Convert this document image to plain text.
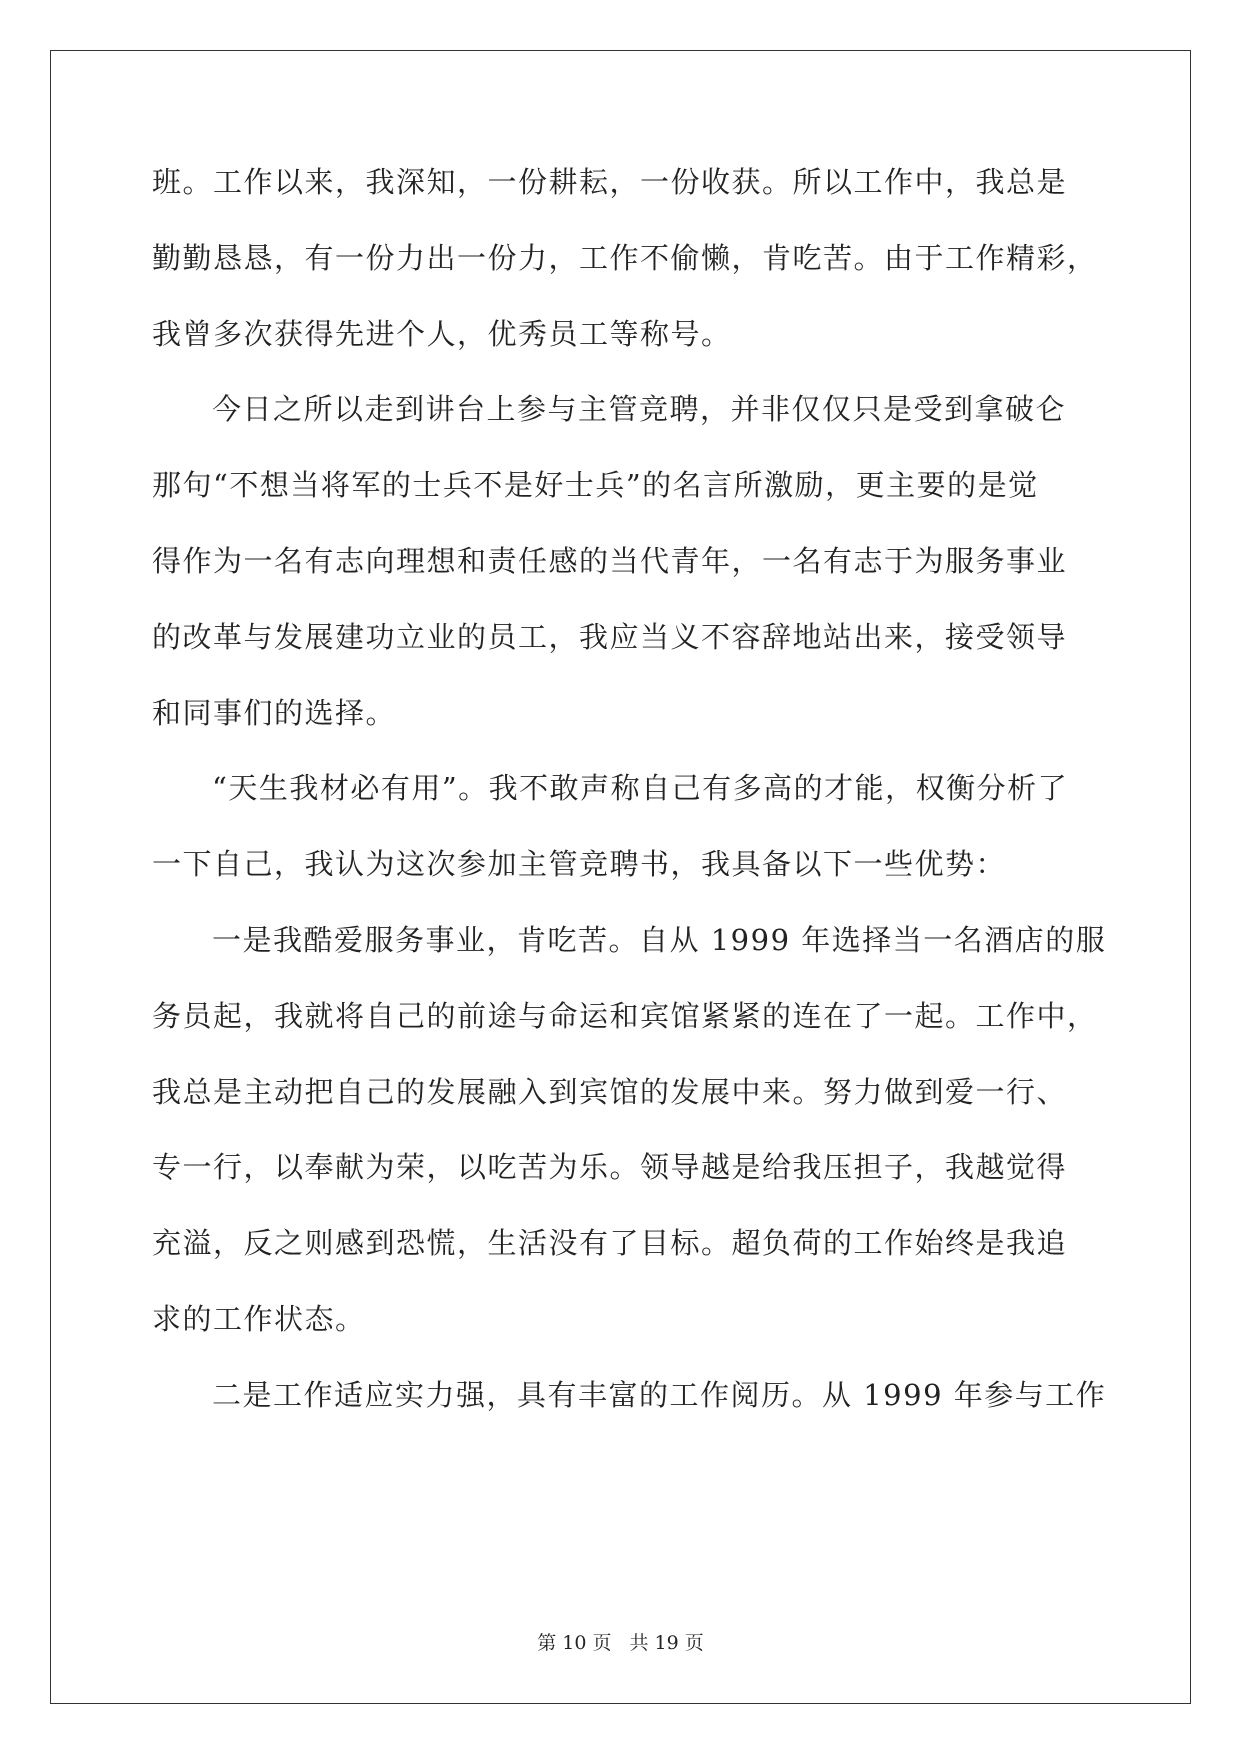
班。工作以来，我深知，一份耕耘，一份收获。所以工作中，我总是
勤勤恳恳，有一份力出一份力，工作不偷懒，肯吃苦。由于工作精彩，
我曾多次获得先进个人，优秀员工等称号。
今日之所以走到讲台上参与主管竞聘，并非仅仅只是受到拿破仑
那句“不想当将军的士兵不是好士兵”的名言所激励，更主要的是觉
得作为一名有志向理想和责任感的当代青年，一名有志于为服务事业
的改革与发展建功立业的员工，我应当义不容辞地站出来，接受领导
和同事们的选择。
“天生我材必有用”。我不敢声称自己有多高的才能，权衡分析了
一下自己，我认为这次参加主管竞聘书，我具备以下一些优势：
一是我酷爱服务事业，肯吃苦。自从 1999 年选择当一名酒店的服
务员起，我就将自己的前途与命运和宾馆紧紧的连在了一起。工作中，
我总是主动把自己的发展融入到宾馆的发展中来。努力做到爱一行、
专一行，以奉献为荣，以吃苦为乐。领导越是给我压担子，我越觉得
充溢，反之则感到恐慌，生活没有了目标。超负荷的工作始终是我追
求的工作状态。
二是工作适应实力强，具有丰富的工作阅历。从 1999 年参与工作
第 10 页 共 19 页
